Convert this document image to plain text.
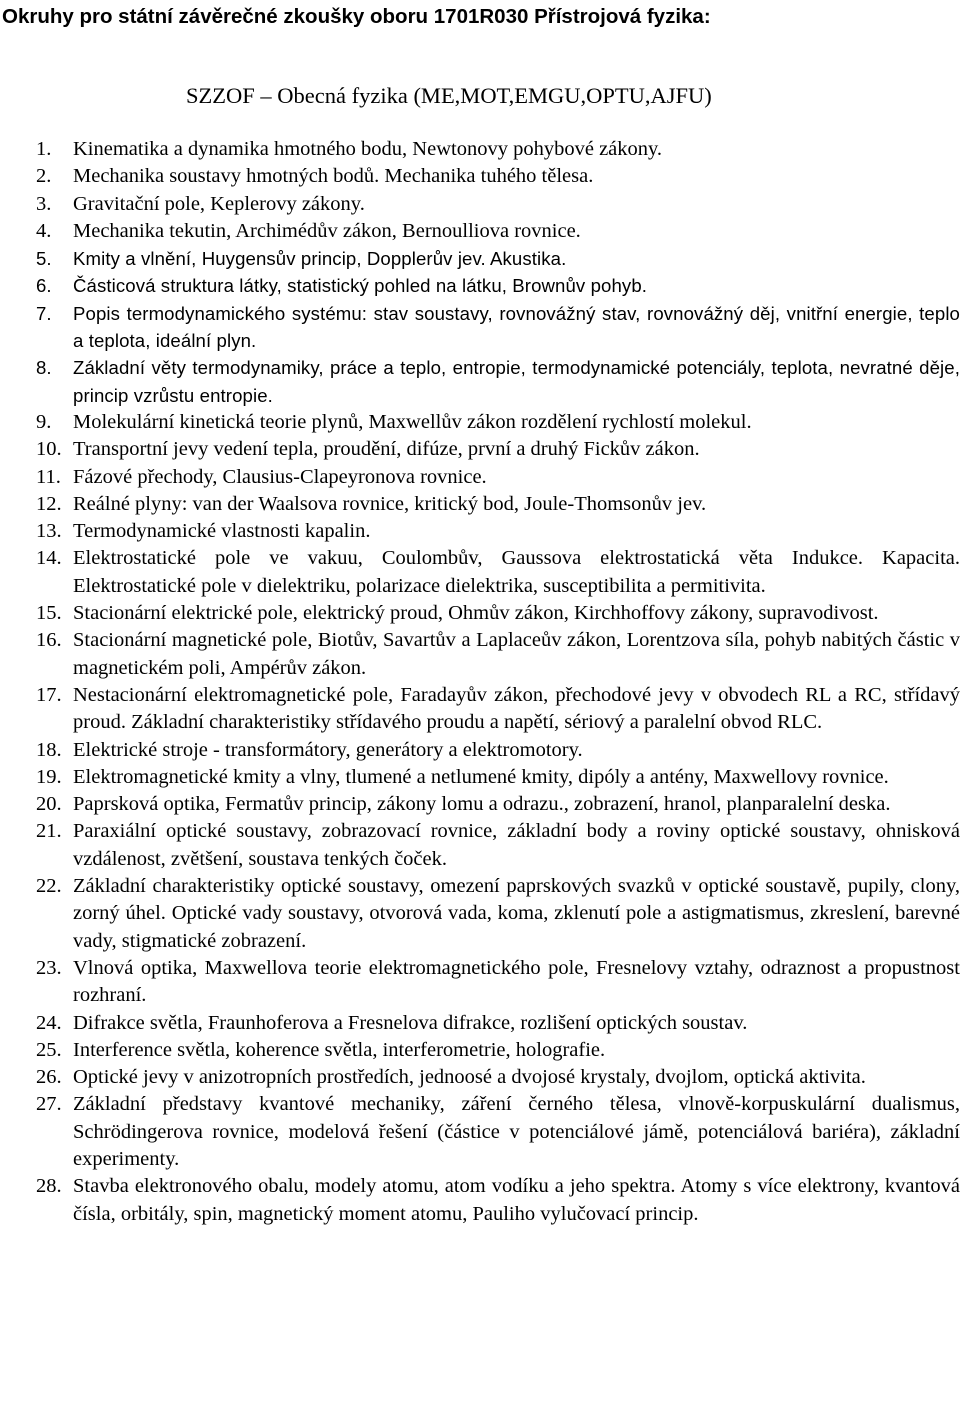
Okruhy pro státní závěrečné zkoušky oboru 1701R030 Přístrojová fyzika:
SZZOF – Obecná fyzika (ME,MOT,EMGU,OPTU,AJFU)
1. Kinematika a dynamika hmotného bodu, Newtonovy pohybové zákony.
2. Mechanika soustavy hmotných bodů. Mechanika tuhého tělesa.
3. Gravitační pole, Keplerovy zákony.
4. Mechanika tekutin, Archimédův zákon, Bernoulliova rovnice.
5. Kmity a vlnění, Huygensův princip, Dopplerův jev. Akustika.
6. Částicová struktura látky, statistický pohled na látku, Brownův pohyb.
7. Popis termodynamického systému: stav soustavy, rovnovážný stav, rovnovážný děj, vnitřní energie, teplo a teplota, ideální plyn.
8. Základní věty termodynamiky, práce a teplo, entropie, termodynamické potenciály, teplota, nevratné děje, princip vzrůstu entropie.
9. Molekulární kinetická teorie plynů, Maxwellův zákon rozdělení rychlostí molekul.
10. Transportní jevy vedení tepla, proudění, difúze, první a druhý Fickův zákon.
11. Fázové přechody, Clausius-Clapeyronova rovnice.
12. Reálné plyny: van der Waalsova rovnice, kritický bod, Joule-Thomsonův jev.
13. Termodynamické vlastnosti kapalin.
14. Elektrostatické pole ve vakuu, Coulombův, Gaussova elektrostatická věta Indukce. Kapacita. Elektrostatické pole v dielektriku, polarizace dielektrika, susceptibilita a permitivita.
15. Stacionární elektrické pole, elektrický proud, Ohmův zákon, Kirchhoffovy zákony, supravodivost.
16. Stacionární magnetické pole, Biotův, Savartův a Laplaceův zákon, Lorentzova síla, pohyb nabitých částic v magnetickém poli, Ampérův zákon.
17. Nestacionární elektromagnetické pole, Faradayův zákon, přechodové jevy v obvodech RL a RC, střídavý proud. Základní charakteristiky střídavého proudu a napětí, sériový a paralelní obvod RLC.
18. Elektrické stroje - transformátory, generátory a elektromotory.
19. Elektromagnetické kmity a vlny, tlumené a netlumené kmity, dipóly a antény, Maxwellovy rovnice.
20. Paprsková optika, Fermatův princip, zákony lomu a odrazu., zobrazení, hranol, planparalelní deska.
21. Paraxiální optické soustavy, zobrazovací rovnice, základní body a roviny optické soustavy, ohnisková vzdálenost, zvětšení, soustava tenkých čoček.
22. Základní charakteristiky optické soustavy, omezení paprskových svazků v optické soustavě, pupily, clony, zorný úhel. Optické vady soustavy, otvorová vada, koma, zklenutí pole a astigmatismus, zkreslení, barevné vady, stigmatické zobrazení.
23. Vlnová optika, Maxwellova teorie elektromagnetického pole, Fresnelovy vztahy, odraznost a propustnost rozhraní.
24. Difrakce světla, Fraunhoferova a Fresnelova difrakce, rozlišení optických soustav.
25. Interference světla, koherence světla, interferometrie, holografie.
26. Optické jevy v anizotropních prostředích, jednoosé a dvojosé krystaly, dvojlom, optická aktivita.
27. Základní představy kvantové mechaniky, záření černého tělesa, vlnově-korpuskulární dualismus, Schrödingerova rovnice, modelová řešení (částice v potenciálové jámě, potenciálová bariéra), základní experimenty.
28. Stavba elektronového obalu, modely atomu, atom vodíku a jeho spektra. Atomy s více elektrony, kvantová čísla, orbitály, spin, magnetický moment atomu, Pauliho vylučovací princip.
